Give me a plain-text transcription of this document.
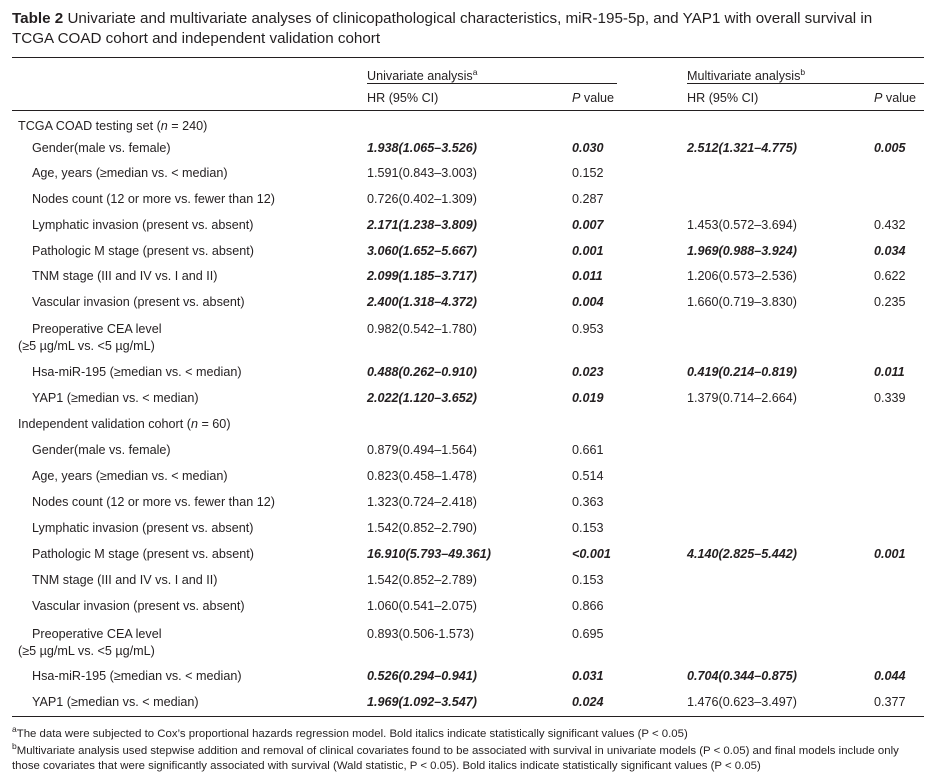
Table 2 Univariate and multivariate analyses of clinicopathological characteristics, miR-195-5p, and YAP1 with overall survival in TCGA COAD cohort and independent validation cohort
Univariate analysis$^a$	Multivariate analysis$^b$
HR (95% CI)	P value	HR (95% CI)	P value
TCGA COAD testing set (n = 240)
Gender(male vs. female)	1.938(1.065–3.526)	0.030	2.512(1.321–4.775)	0.005
Age, years (≥median vs. < median)	1.591(0.843–3.003)	0.152
Nodes count (12 or more vs. fewer than 12)	0.726(0.402–1.309)	0.287
Lymphatic invasion (present vs. absent)	2.171(1.238–3.809)	0.007	1.453(0.572–3.694)	0.432
Pathologic M stage (present vs. absent)	3.060(1.652–5.667)	0.001	1.969(0.988–3.924)	0.034
TNM stage (III and IV vs. I and II)	2.099(1.185–3.717)	0.011	1.206(0.573–2.536)	0.622
Vascular invasion (present vs. absent)	2.400(1.318–4.372)	0.004	1.660(0.719–3.830)	0.235
Preoperative CEA level
(≥5 µg/mL vs. <5 µg/mL)
0.982(0.542–1.780)	0.953
Hsa-miR-195 (≥median vs. < median)	0.488(0.262–0.910)	0.023	0.419(0.214–0.819)	0.011
YAP1 (≥median vs. < median)	2.022(1.120–3.652)	0.019	1.379(0.714–2.664)	0.339
Independent validation cohort (n = 60)
Gender(male vs. female)	0.879(0.494–1.564)	0.661
Age, years (≥median vs. < median)	0.823(0.458–1.478)	0.514
Nodes count (12 or more vs. fewer than 12)	1.323(0.724–2.418)	0.363
Lymphatic invasion (present vs. absent)	1.542(0.852–2.790)	0.153
Pathologic M stage (present vs. absent)	16.910(5.793–49.361)	<0.001	4.140(2.825–5.442)	0.001
TNM stage (III and IV vs. I and II)	1.542(0.852–2.789)	0.153
Vascular invasion (present vs. absent)	1.060(0.541–2.075)	0.866
Preoperative CEA level
(≥5 µg/mL vs. <5 µg/mL)
0.893(0.506-1.573)	0.695
Hsa-miR-195 (≥median vs. < median)	0.526(0.294–0.941)	0.031	0.704(0.344–0.875)	0.044
YAP1 (≥median vs. < median)	1.969(1.092–3.547)	0.024	1.476(0.623–3.497)	0.377
$^a$The data were subjected to Cox’s proportional hazards regression model. Bold italics indicate statistically significant values (P < 0.05)
$^b$Multivariate analysis used stepwise addition and removal of clinical covariates found to be associated with survival in univariate models (P < 0.05) and final models include only those covariates that were significantly associated with survival (Wald statistic, P < 0.05). Bold italics indicate statistically significant values (P < 0.05)
